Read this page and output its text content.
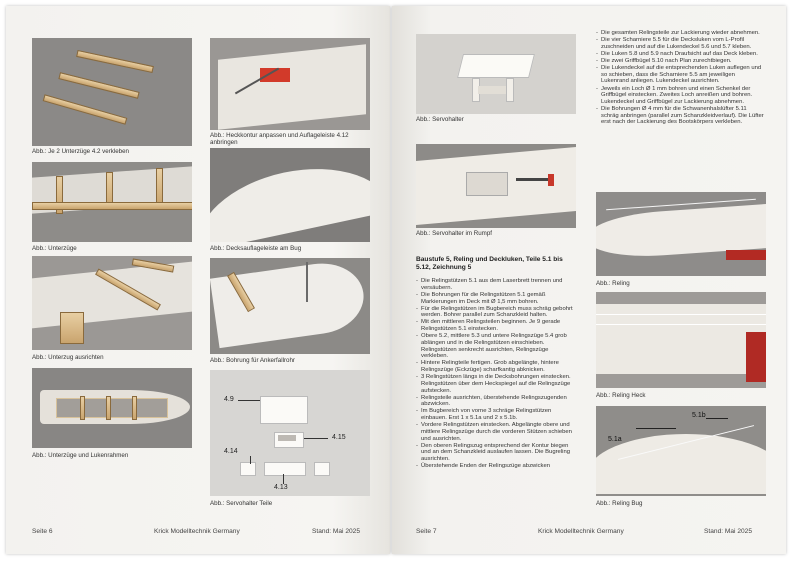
Abb.: Je 2 Unterzüge 4.2 verkleben
Abb.: Heckkontur anpassen und Auflageleiste 4.12 anbringen
Abb.: Unterzüge	Abb.: Decksauflageleiste am Bug
Abb.: Unterzug ausrichten	Abb.: Bohrung für Ankerfallrohr
Abb.: Unterzüge und Lukenrahmen
4.9
4.14
4.15
4.13
Abb.: Servohalter Teile
Seite 6	Krick Modelltechnik Germany	Stand: Mai 2025
Abb.: Servohalter
Abb.: Servohalter im Rumpf
Baustufe 5, Reling und Deckluken, Teile 5.1 bis 5.12, Zeichnung 5
- Die Relingstützen 5.1 aus dem Laserbrett trennen und versäubern.
- Die Bohrungen für die Relingstützen 5.1 gemäß Markierungen im Deck mit Ø 1,5 mm bohren.
- Für die Relingstützen im Bugbereich muss schräg gebohrt werden. Bohrer parallel zum Schanzkleid halten.
- Mit den mittleren Relingsteilen beginnen. Je 9 gerade Relingstützen 5.1 einstecken.
- Obere 5.2, mittlere 5.3 und untere Relingszüge 5.4 grob ablängen und in die Relingstützen einschieben. Relingstützen senkrecht ausrichten, Relingszüge verkleben.
- Hintere Relingteile fertigen. Grob abgelängte, hintere Relingszüge (Eckzüge) scharfkantig abknicken.
- 3 Relingstützen längs in die Decksbohrungen einstecken. Relingstützen über dem Heckspiegel auf die Relingszüge aufstecken.
- Relingsteile ausrichten, überstehende Relingszugenden abzwicken.
- Im Bugbereich von vorne 3 schräge Relingstützen einbauen. Erst 1 x 5.1a und 2 x 5.1b.
- Vordere Relingstützen einstecken. Abgelängte obere und mittlere Relingszüge durch die vorderen Stützen schieben und ausrichten.
- Den oberen Relingszug entsprechend der Kontur biegen und an dem Schanzkleid auslaufen lassen. Die Bugreling ausrichten.
- Überstehende Enden der Relingszüge abzwicken
- Die gesamten Relingsteile zur Lackierung wieder abnehmen.
- Die vier Scharniere 5.5 für die Decksluken vom L-Profil zuschneiden und auf die Lukendeckel 5.6 und 5.7 kleben.
- Die Luken 5.8 und 5.9 nach Draufsicht auf das Deck kleben.
- Die zwei Griffbügel 5.10 nach Plan zurechtbiegen.
- Die Lukendeckel auf die entsprechenden Luken auflegen und so schieben, dass die Scharniere 5.5 am jeweiligen Lukenrand anliegen. Lukendeckel ausrichten.
- Jeweils ein Loch Ø 1 mm bohren und einen Schenkel der Griffbügel einstecken. Zweites Loch anreißen und bohren. Lukendeckel und Griffbügel zur Lackierung abnehmen.
- Die Bohrungen Ø 4 mm für die Schwanenhalslüfter 5.11 schräg anbringen (parallel zum Schanzkleidverlauf). Die Lüfter erst nach der Lackierung des Bootskörpers verkleben.
Abb.: Reling
Abb.: Reling Heck
5.1b
5.1a
Abb.: Reling Bug
Seite 7	Krick Modelltechnik Germany	Stand: Mai 2025
